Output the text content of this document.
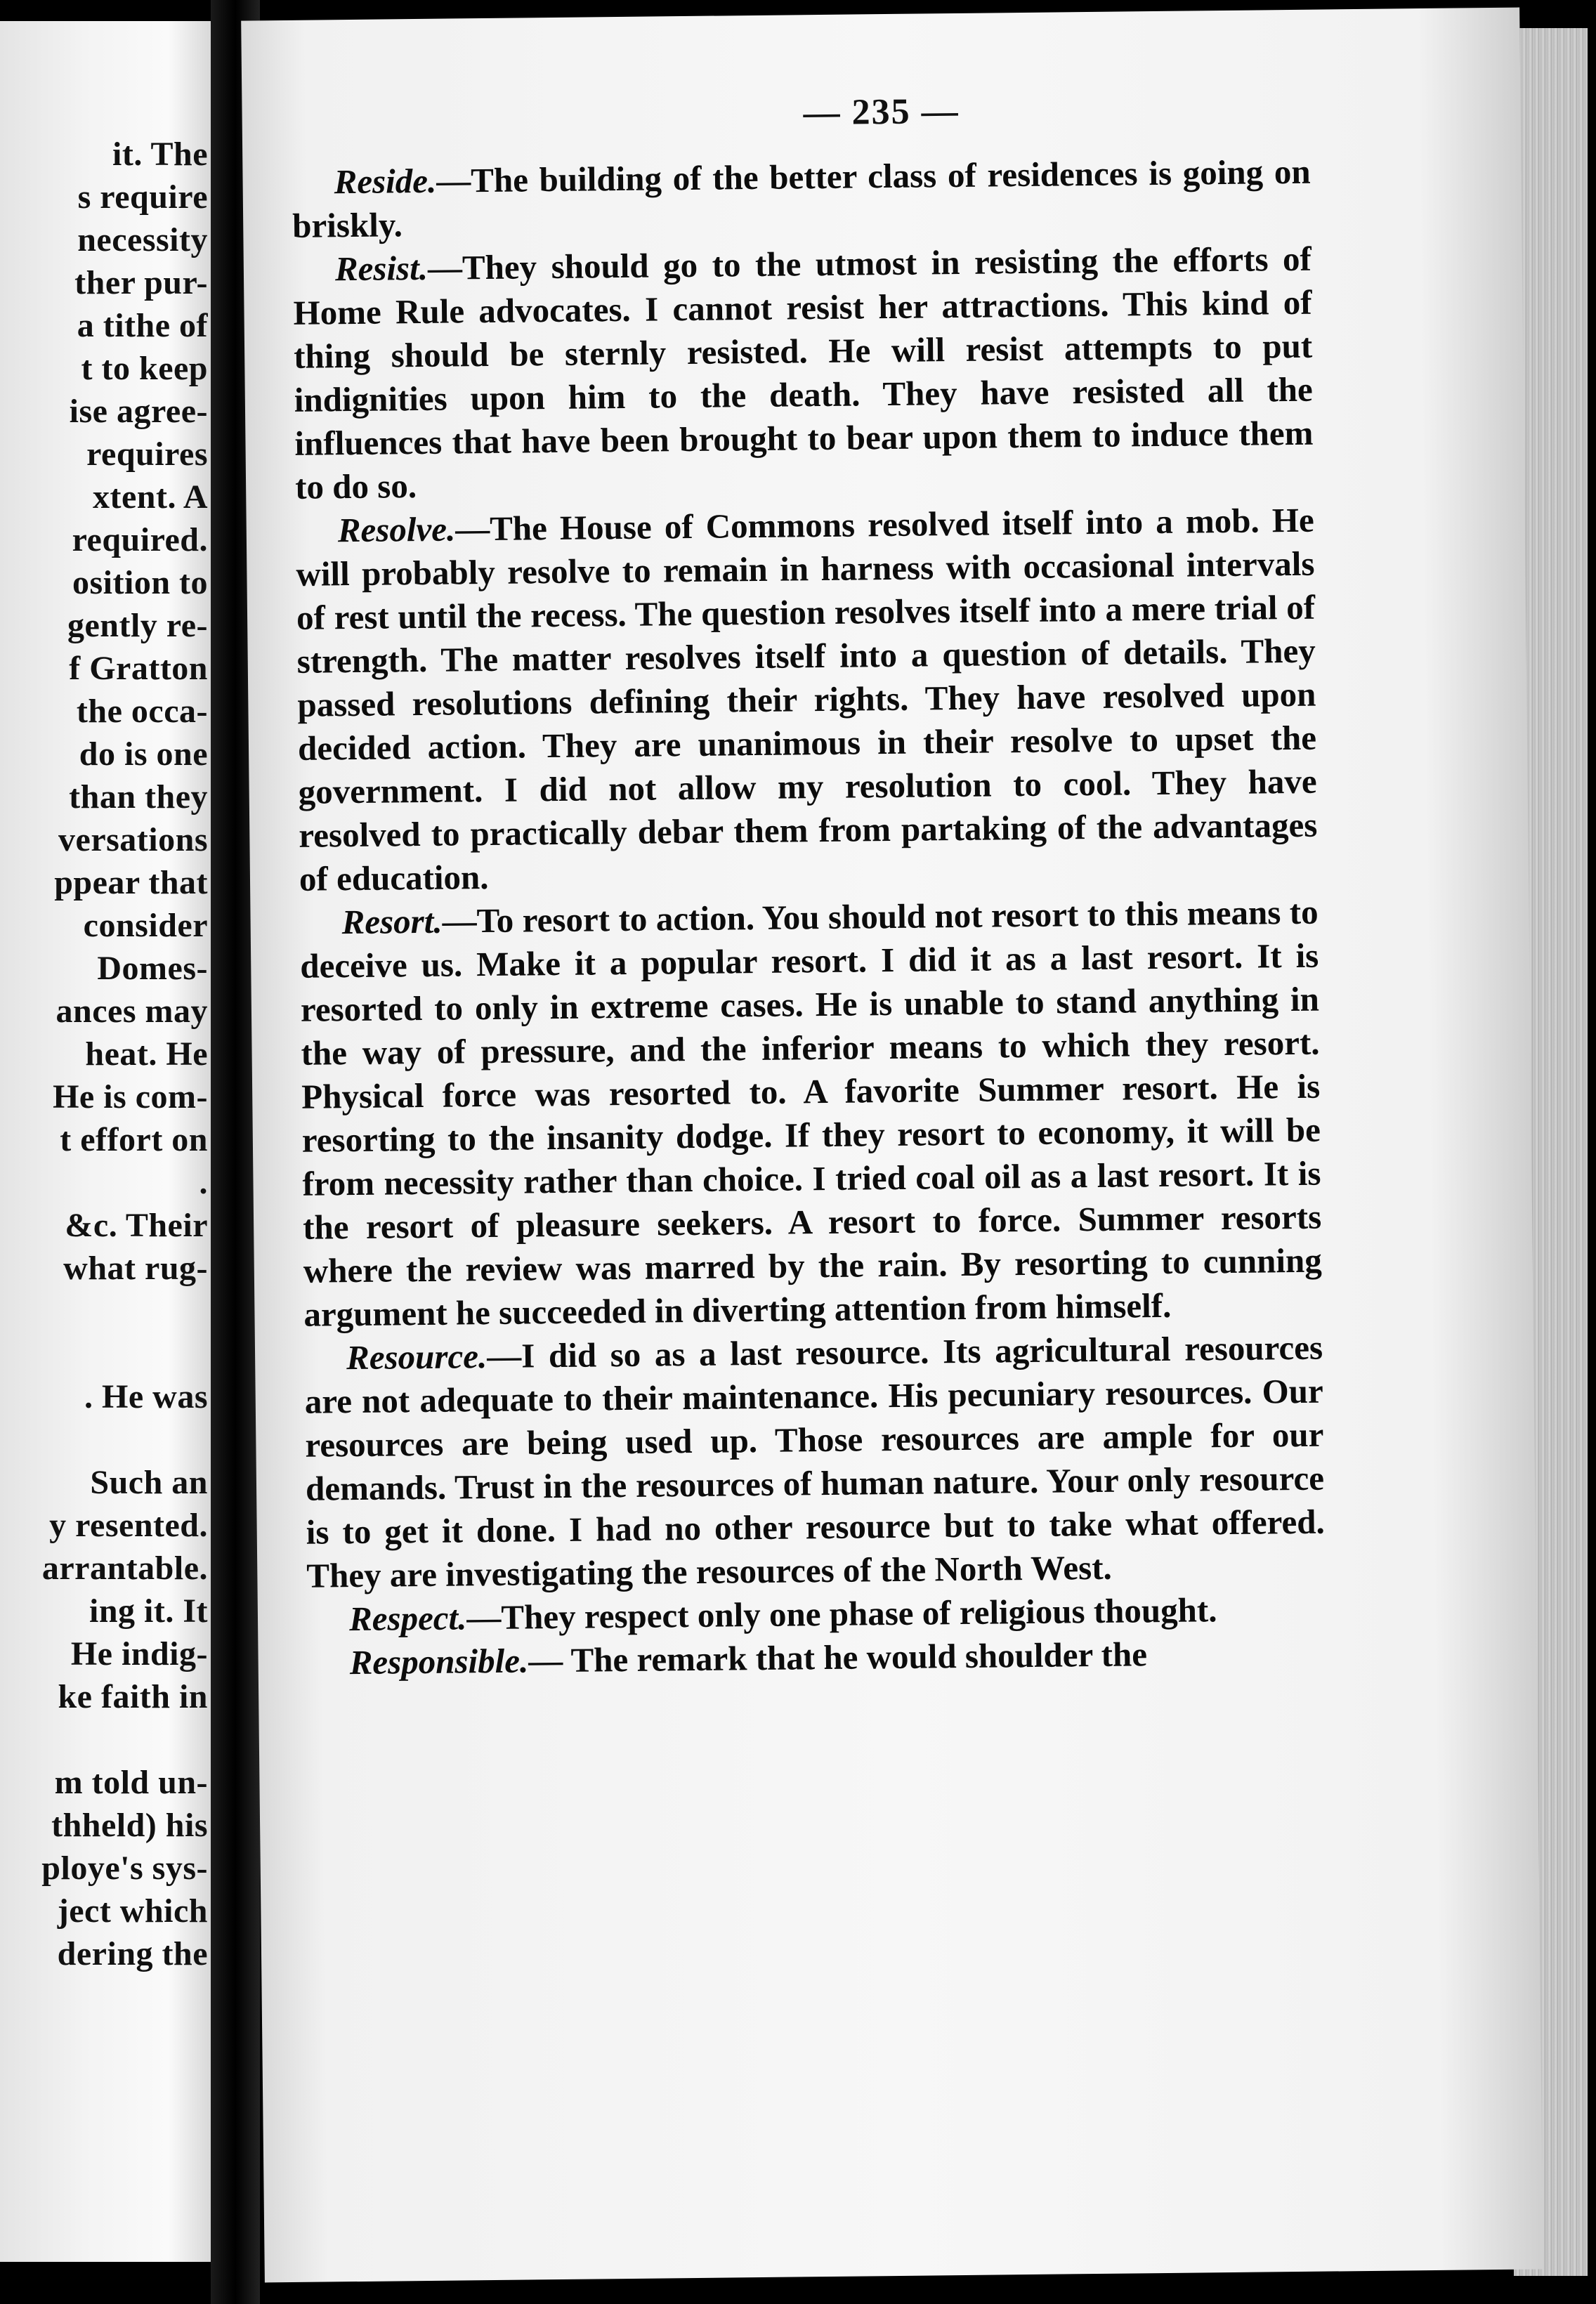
it. The
s require
necessity
ther pur-
a tithe of
t to keep
ise agree-
requires
xtent. A
required.
osition to
gently re-
f Gratton
the occa-
do is one
than they
versations
ppear that
consider
Domes-
ances may
heat. He
He is com-
t effort on
.
&c. Their
what rug-
. He was
Such an
y resented.
arrantable.
ing it. It
He indig-
ke faith in
m told un-
thheld) his
ploye's sys-
ject which
dering the
— 235 —

Reside.—The building of the better class of residences is going on briskly.

Resist.—They should go to the utmost in resisting the efforts of Home Rule advocates. I cannot resist her attractions. This kind of thing should be sternly resisted. He will resist attempts to put indignities upon him to the death. They have resisted all the influences that have been brought to bear upon them to induce them to do so.

Resolve.—The House of Commons resolved itself into a mob. He will probably resolve to remain in harness with occasional intervals of rest until the recess. The question resolves itself into a mere trial of strength. The matter resolves itself into a question of details. They passed resolutions defining their rights. They have resolved upon decided action. They are unanimous in their resolve to upset the government. I did not allow my resolution to cool. They have resolved to practically debar them from partaking of the advantages of education.

Resort.—To resort to action. You should not resort to this means to deceive us. Make it a popular resort. I did it as a last resort. It is resorted to only in extreme cases. He is unable to stand anything in the way of pressure, and the inferior means to which they resort. Physical force was resorted to. A favorite Summer resort. He is resorting to the insanity dodge. If they resort to economy, it will be from necessity rather than choice. I tried coal oil as a last resort. It is the resort of pleasure seekers. A resort to force. Summer resorts where the review was marred by the rain. By resorting to cunning argument he succeeded in diverting attention from himself.

Resource.—I did so as a last resource. Its agricultural resources are not adequate to their maintenance. His pecuniary resources. Our resources are being used up. Those resources are ample for our demands. Trust in the resources of human nature. Your only resource is to get it done. I had no other resource but to take what offered. They are investigating the resources of the North West.

Respect.—They respect only one phase of religious thought.

Responsible.— The remark that he would shoulder the
